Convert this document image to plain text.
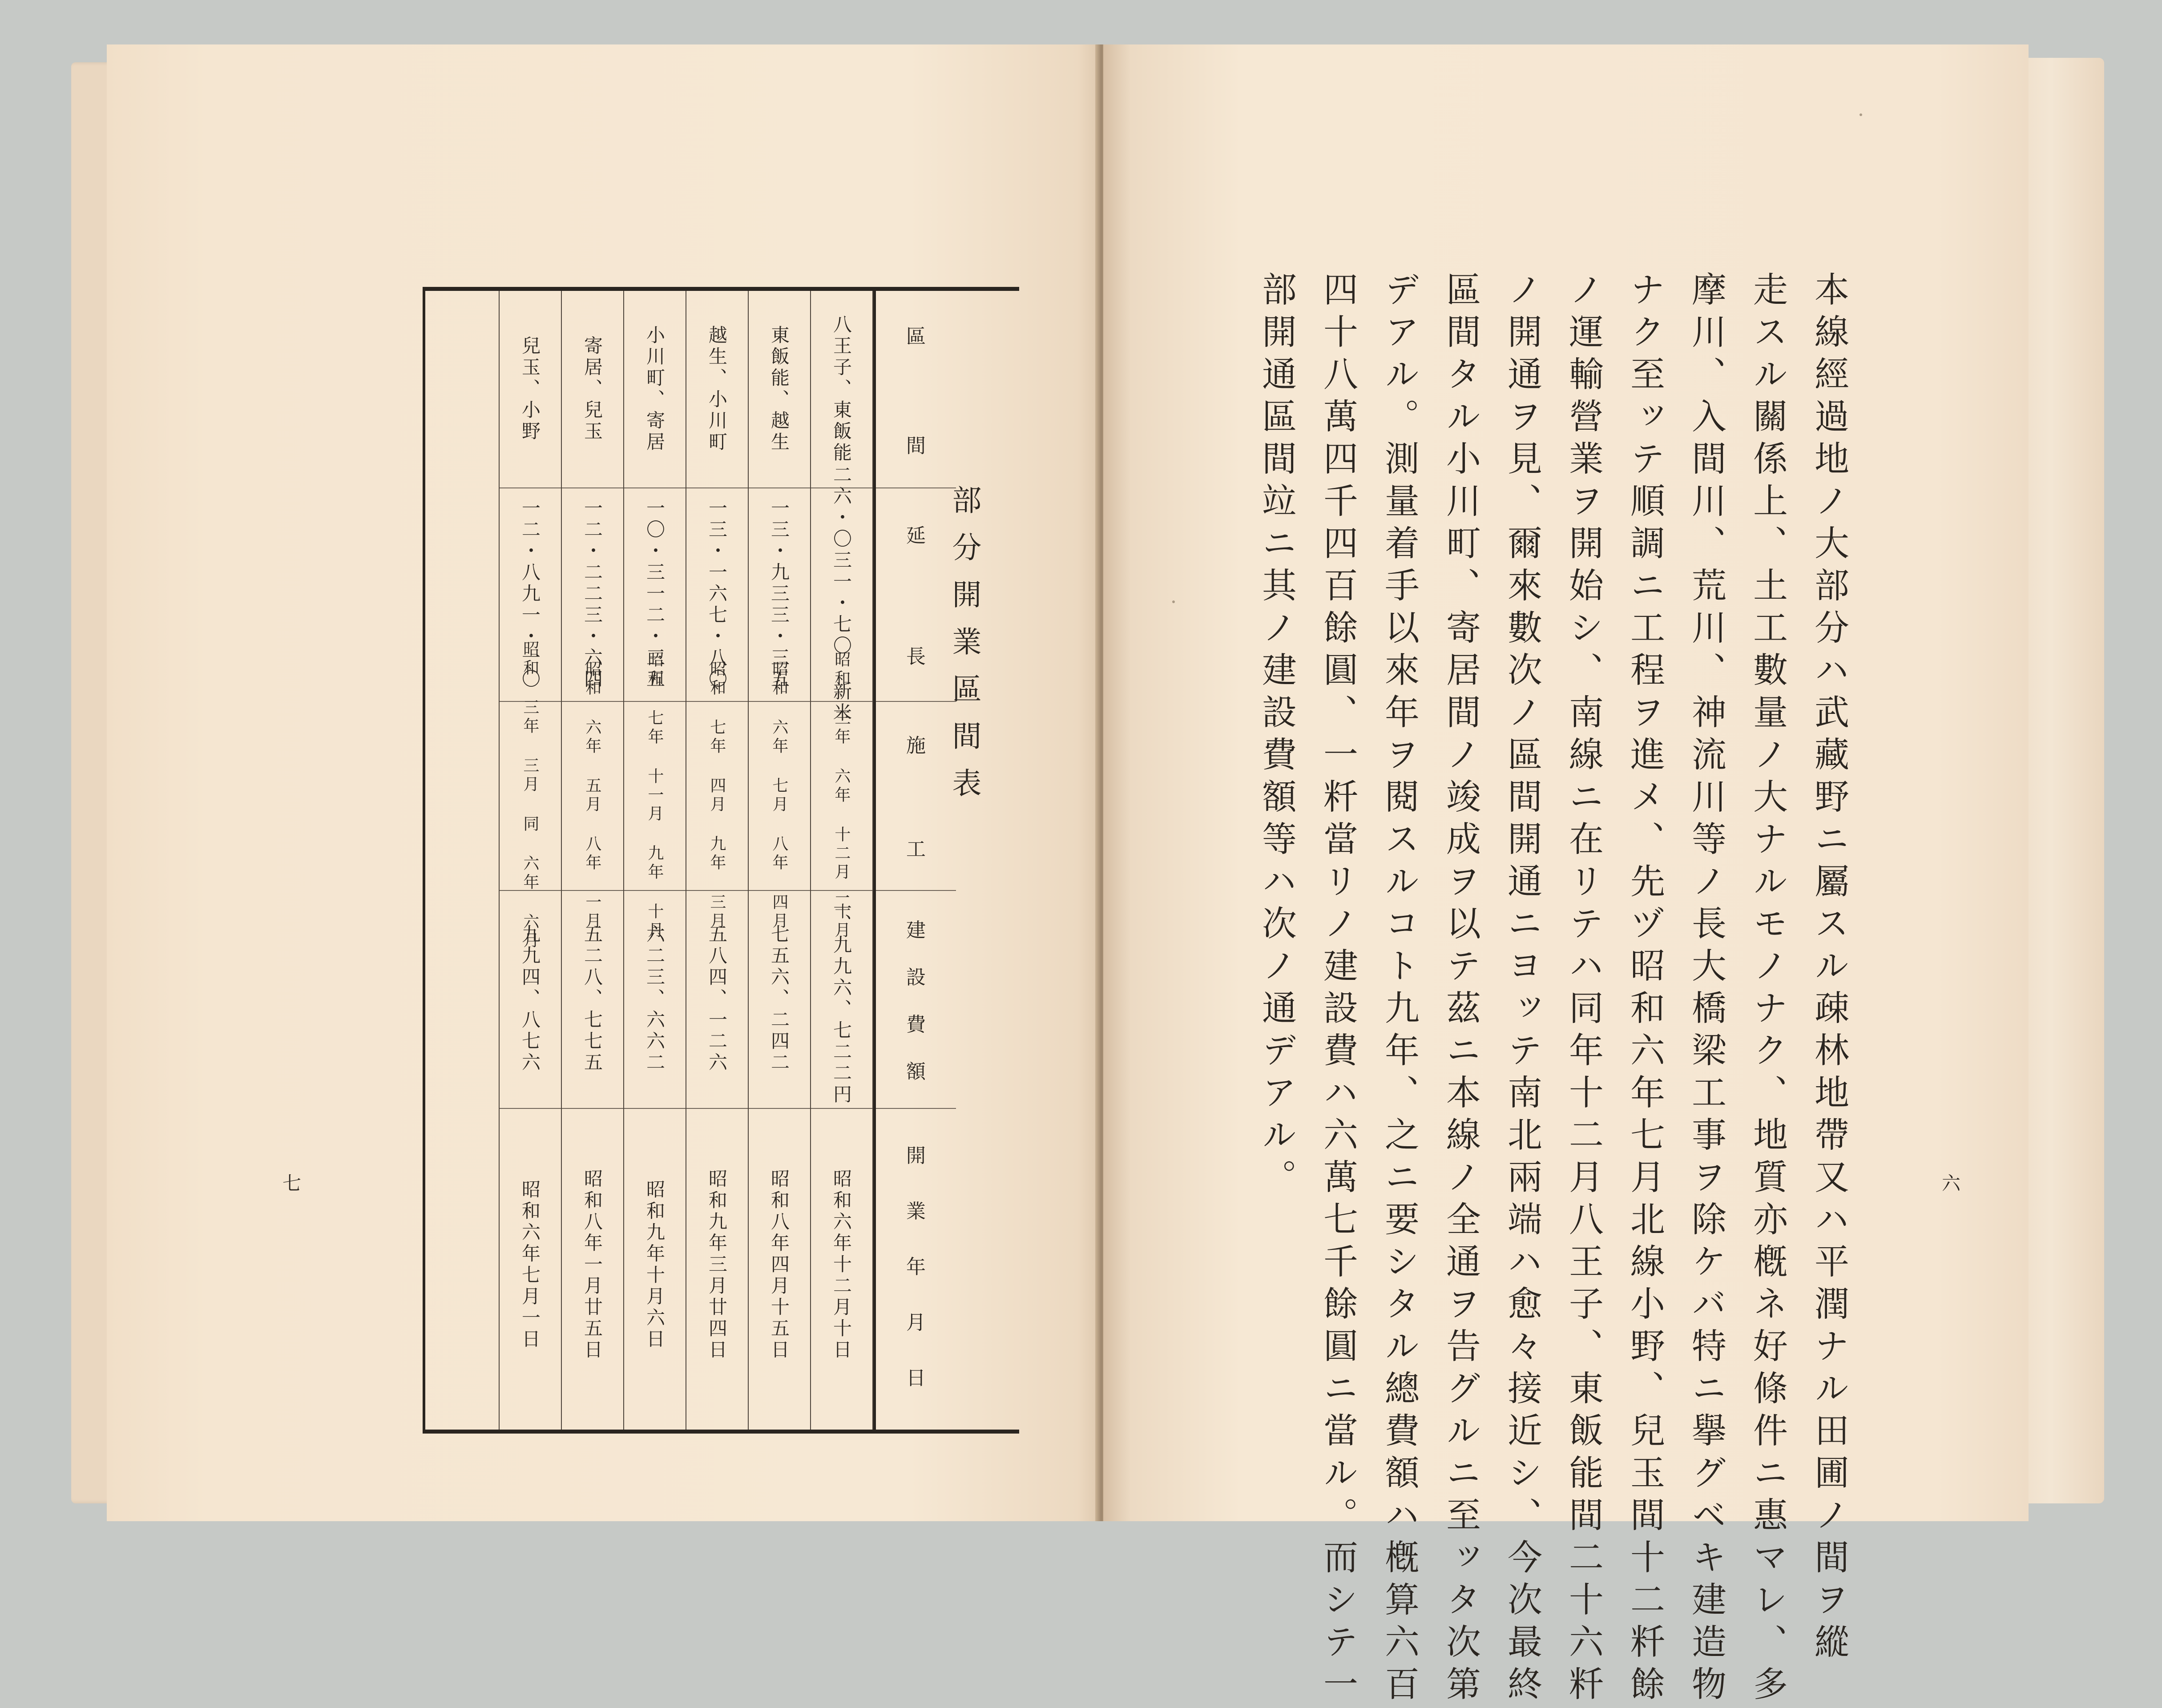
區
間
延
長
施
工
建
設
費
額
開
業
年
月
日
八王子、東飯能
二六・〇三一・七〇 新米
昭和 三年 六年 十二月 十月
二、九九六、七二二円
昭和六年十二月十日
東飯能、越生
一三・九三三・三五
昭和 六年 七月 八年 四月
七五六、二四二
昭和八年四月十五日
越生、小川町
一三・一六七・八〇
昭和 七年 四月 九年 三月
五八四、一二六
昭和九年三月廿四日
小川町、寄居
一〇・三一二・三五
昭和 七年 十一月 九年 十月
六二三、六六二
昭和九年十月六日
寄居、兒玉
一二・二二三・六四
昭和 六年 五月 八年 一月
五二八、七七五
昭和八年一月廿五日
兒玉、小野
一二・八九一・一〇
昭和 三年 三月 同 六年 六月
九九四、八七六
昭和六年七月一日
部分開業區間表
七	六
本線經過地ノ大部分ハ武藏野ニ屬スル疎林地帶又ハ平潤ナル田圃ノ間ヲ縱
走スル關係上、土工數量ノ大ナルモノナク、地質亦槪ネ好條件ニ惠マレ、多
摩川、入間川、荒川、神流川等ノ長大橋梁工事ヲ除ケバ特ニ擧グベキ建造物
ナク至ッテ順調ニ工程ヲ進メ、先ヅ昭和六年七月北線小野、兒玉間十二粁餘
ノ運輸營業ヲ開始シ、南線ニ在リテハ同年十二月八王子、東飯能間二十六粁
ノ開通ヲ見、爾來數次ノ區間開通ニヨッテ南北兩端ハ愈々接近シ、今次最終
區間タル小川町、寄居間ノ竣成ヲ以テ茲ニ本線ノ全通ヲ告グルニ至ッタ次第
デアル。測量着手以來年ヲ閱スルコト九年、之ニ要シタル總費額ハ槪算六百
四十八萬四千四百餘圓、一粁當リノ建設費ハ六萬七千餘圓ニ當ル。而シテ一
部開通區間竝ニ其ノ建設費額等ハ次ノ通デアル。
